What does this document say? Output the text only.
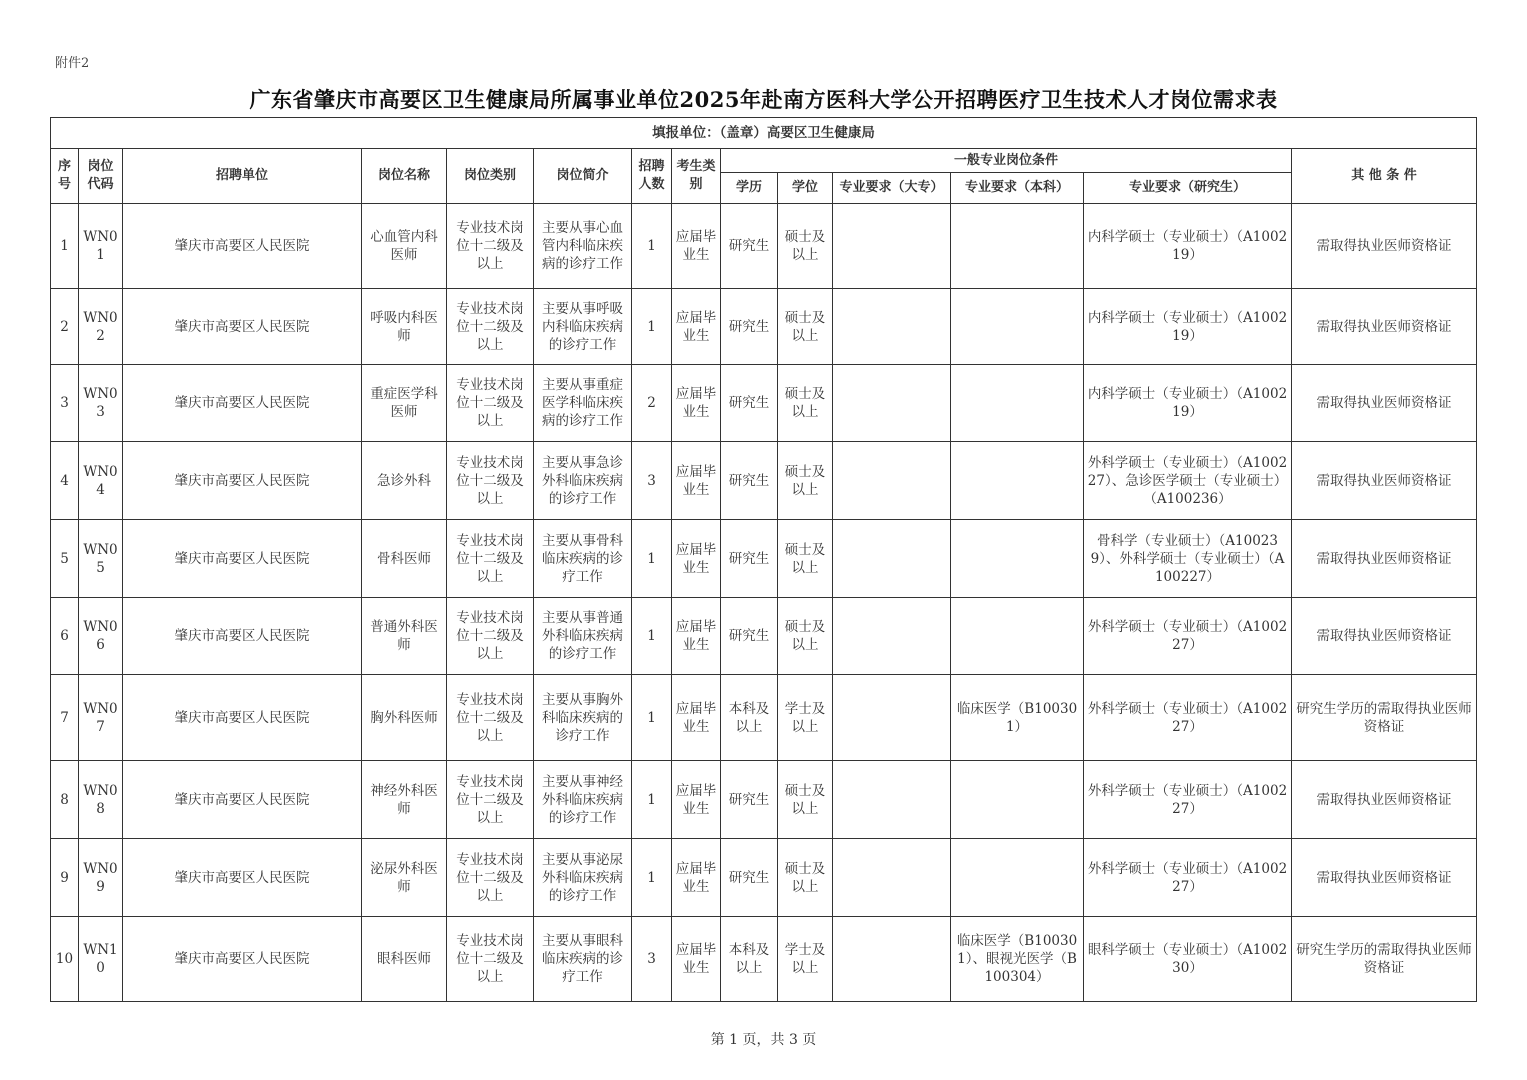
附件2
广东省肇庆市高要区卫生健康局所属事业单位2025年赴南方医科大学公开招聘医疗卫生技术人才岗位需求表
填报单位：（盖章）高要区卫生健康局													
序号	岗位代码	招聘单位	岗位名称	岗位类别	岗位简介	招聘人数	考生类别	一般专业岗位条件					其 他 条 件
								学历	学位	专业要求（大专）	专业要求（本科）	专业要求（研究生）	
1	WN01	肇庆市高要区人民医院	心血管内科医师	专业技术岗位十二级及以上	主要从事心血管内科临床疾病的诊疗工作	1	应届毕业生	研究生	硕士及以上			内科学硕士（专业硕士）（A100219）	需取得执业医师资格证
2	WN02	肇庆市高要区人民医院	呼吸内科医师	专业技术岗位十二级及以上	主要从事呼吸内科临床疾病的诊疗工作	1	应届毕业生	研究生	硕士及以上			内科学硕士（专业硕士）（A100219）	需取得执业医师资格证
3	WN03	肇庆市高要区人民医院	重症医学科医师	专业技术岗位十二级及以上	主要从事重症医学科临床疾病的诊疗工作	2	应届毕业生	研究生	硕士及以上			内科学硕士（专业硕士）（A100219）	需取得执业医师资格证
4	WN04	肇庆市高要区人民医院	急诊外科	专业技术岗位十二级及以上	主要从事急诊外科临床疾病的诊疗工作	3	应届毕业生	研究生	硕士及以上			外科学硕士（专业硕士）（A100227）、急诊医学硕士（专业硕士）（A100236）	需取得执业医师资格证
5	WN05	肇庆市高要区人民医院	骨科医师	专业技术岗位十二级及以上	主要从事骨科临床疾病的诊疗工作	1	应届毕业生	研究生	硕士及以上			骨科学（专业硕士）（A100239）、外科学硕士（专业硕士）（A100227）	需取得执业医师资格证
6	WN06	肇庆市高要区人民医院	普通外科医师	专业技术岗位十二级及以上	主要从事普通外科临床疾病的诊疗工作	1	应届毕业生	研究生	硕士及以上			外科学硕士（专业硕士）（A100227）	需取得执业医师资格证
7	WN07	肇庆市高要区人民医院	胸外科医师	专业技术岗位十二级及以上	主要从事胸外科临床疾病的诊疗工作	1	应届毕业生	本科及以上	学士及以上		临床医学（B100301）	外科学硕士（专业硕士）（A100227）	研究生学历的需取得执业医师资格证
8	WN08	肇庆市高要区人民医院	神经外科医师	专业技术岗位十二级及以上	主要从事神经外科临床疾病的诊疗工作	1	应届毕业生	研究生	硕士及以上			外科学硕士（专业硕士）（A100227）	需取得执业医师资格证
9	WN09	肇庆市高要区人民医院	泌尿外科医师	专业技术岗位十二级及以上	主要从事泌尿外科临床疾病的诊疗工作	1	应届毕业生	研究生	硕士及以上			外科学硕士（专业硕士）（A100227）	需取得执业医师资格证
10	WN10	肇庆市高要区人民医院	眼科医师	专业技术岗位十二级及以上	主要从事眼科临床疾病的诊疗工作	3	应届毕业生	本科及以上	学士及以上		临床医学（B100301）、眼视光医学（B100304）	眼科学硕士（专业硕士）（A100230）	研究生学历的需取得执业医师资格证
第 1 页，共 3 页
